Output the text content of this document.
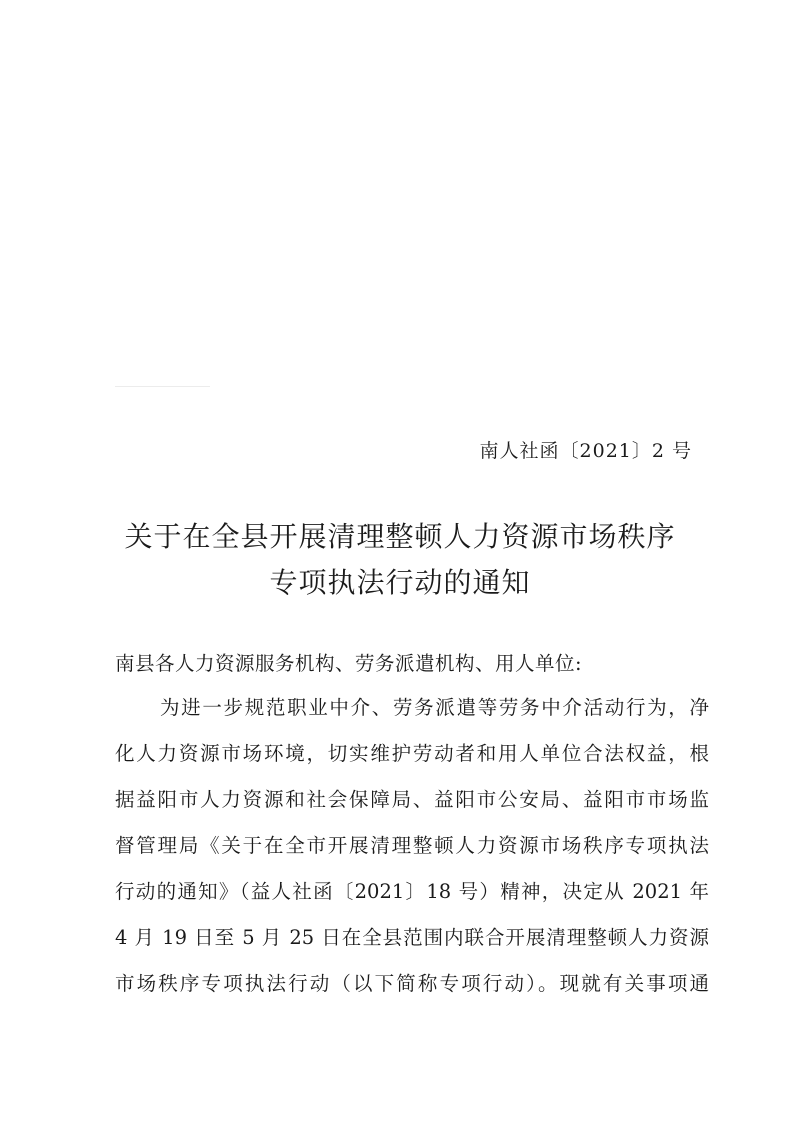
南人社函〔2021〕2 号
关于在全县开展清理整顿人力资源市场秩序
专项执法行动的通知
南县各人力资源服务机构、劳务派遣机构、用人单位:
为进一步规范职业中介、劳务派遣等劳务中介活动行为，净
化人力资源市场环境，切实维护劳动者和用人单位合法权益，根
据益阳市人力资源和社会保障局、益阳市公安局、益阳市市场监
督管理局《关于在全市开展清理整顿人力资源市场秩序专项执法
行动的通知》（益人社函〔2021〕18 号）精神，决定从 2021 年
4 月 19 日至 5 月 25 日在全县范围内联合开展清理整顿人力资源
市场秩序专项执法行动（以下简称专项行动）。现就有关事项通
